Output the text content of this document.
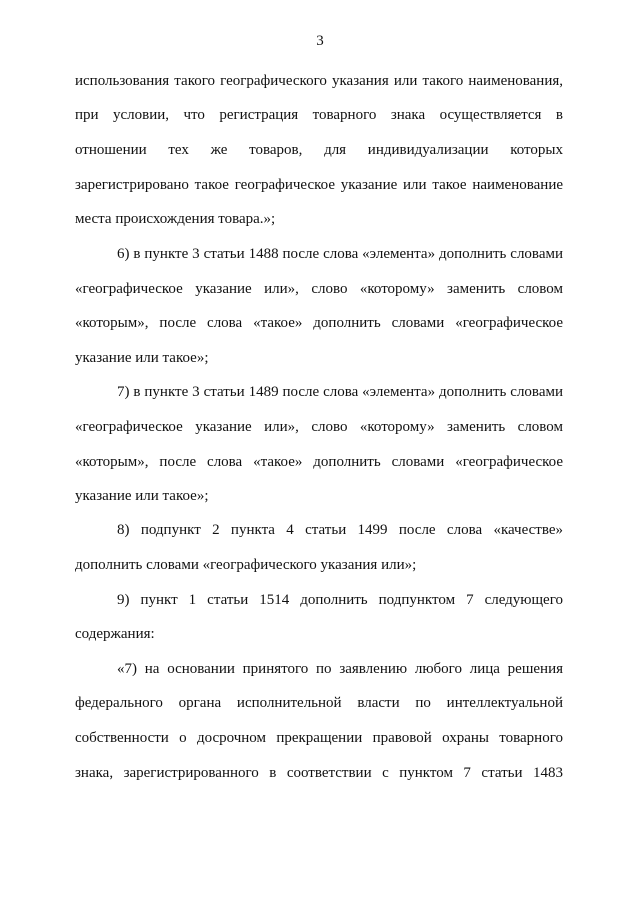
3
использования такого географического указания или такого наименования,
при условии, что регистрация товарного знака осуществляется в
отношении тех же товаров, для индивидуализации которых
зарегистрировано такое географическое указание или такое наименование
места происхождения товара.»;
6) в пункте 3 статьи 1488 после слова «элемента» дополнить словами
«географическое указание или», слово «которому» заменить словом
«которым», после слова «такое» дополнить словами «географическое
указание или такое»;
7) в пункте 3 статьи 1489 после слова «элемента» дополнить словами
«географическое указание или», слово «которому» заменить словом
«которым», после слова «такое» дополнить словами «географическое
указание или такое»;
8) подпункт 2 пункта 4 статьи 1499 после слова «качестве»
дополнить словами «географического указания или»;
9) пункт 1 статьи 1514 дополнить подпунктом 7 следующего
содержания:
«7) на основании принятого по заявлению любого лица решения
федерального органа исполнительной власти по интеллектуальной
собственности о досрочном прекращении правовой охраны товарного
знака, зарегистрированного в соответствии с пунктом 7 статьи 1483
